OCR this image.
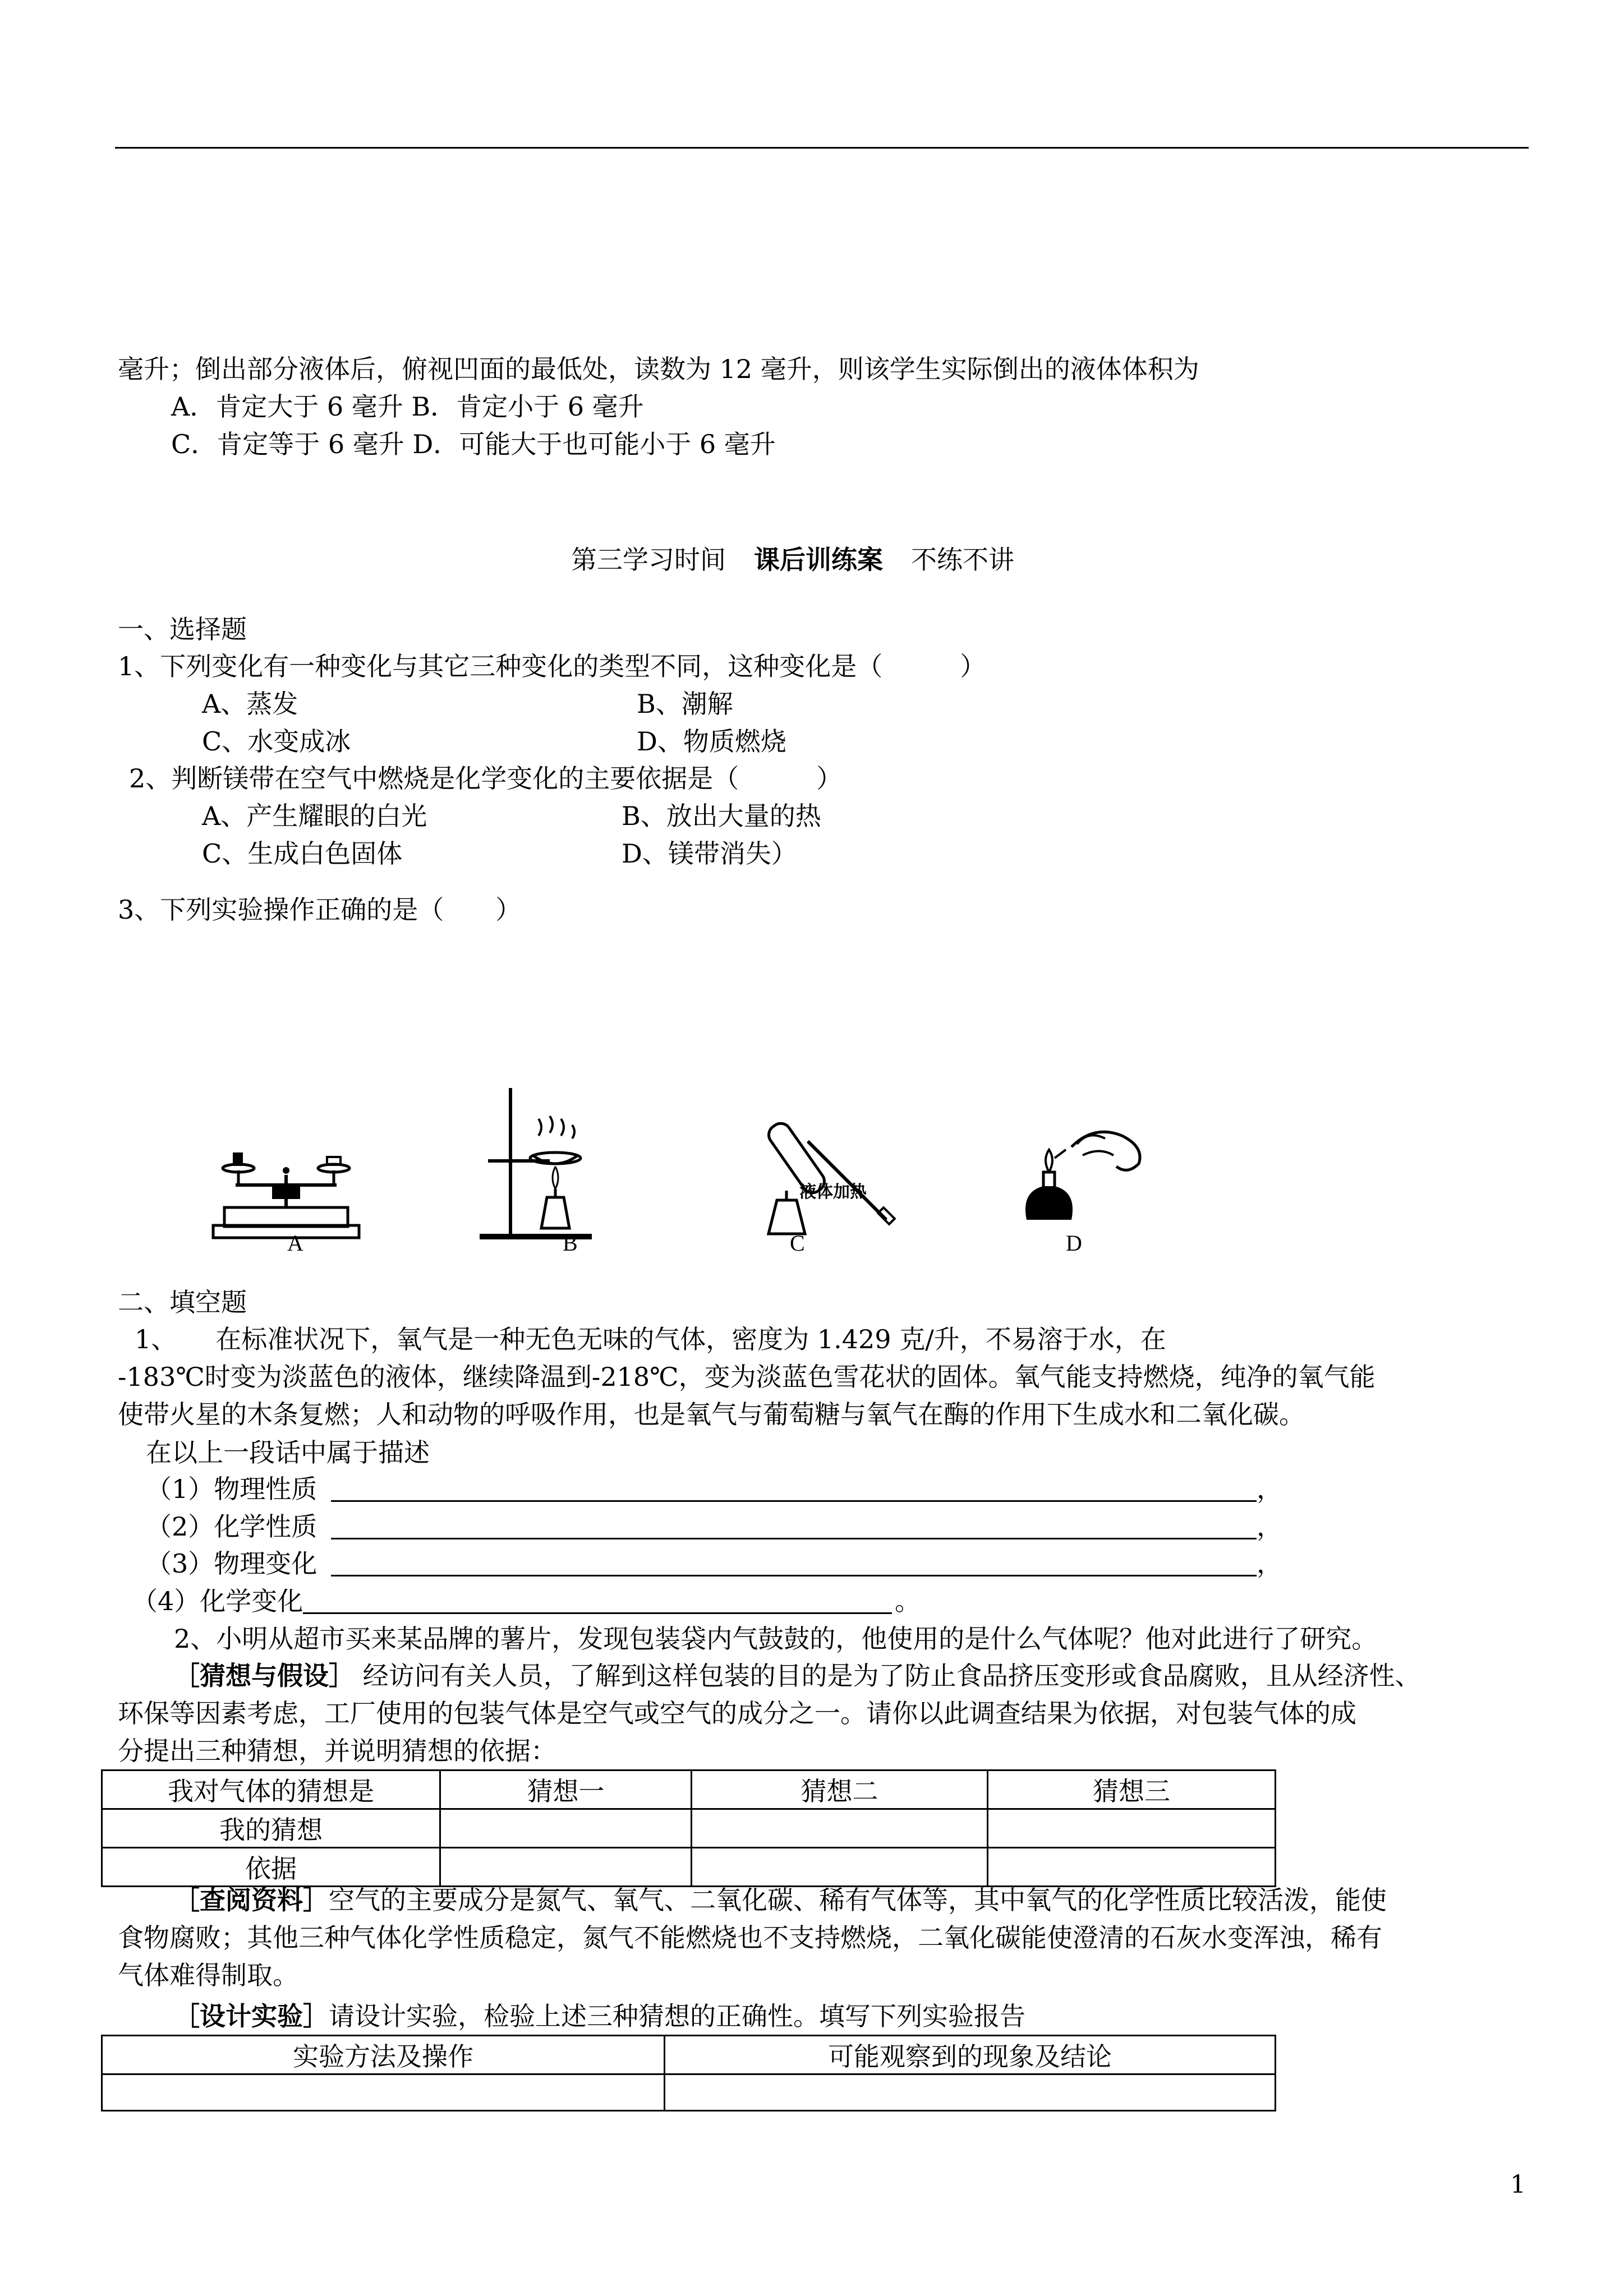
毫升；倒出部分液体后，俯视凹面的最低处，读数为 12 毫升，则该学生实际倒出的液体体积为
A．肯定大于 6 毫升 B．肯定小于 6 毫升
C．肯定等于 6 毫升 D．可能大于也可能小于 6 毫升
第三学习时间 课后训练案 不练不讲
一、选择题
1、下列变化有一种变化与其它三种变化的类型不同，这种变化是（　　　）
A、蒸发	B、潮解
C、水变成冰	D、物质燃烧
2、判断镁带在空气中燃烧是化学变化的主要依据是（　　　）
A、产生耀眼的白光	B、放出大量的热
C、生成白色固体	D、镁带消失）
3、下列实验操作正确的是（　　）
A	B
液体加热
C	D
二、填空题
1、　　在标准状况下，氧气是一种无色无味的气体，密度为 1.429 克/升，不易溶于水，在
-183℃时变为淡蓝色的液体，继续降温到-218℃，变为淡蓝色雪花状的固体。氧气能支持燃烧，纯净的氧气能
使带火星的木条复燃；人和动物的呼吸作用，也是氧气与葡萄糖与氧气在酶的作用下生成水和二氧化碳。
在以上一段话中属于描述
（1）物理性质	，
（2）化学性质	，
（3）物理变化	，
（4）化学变化	。
2、小明从超市买来某品牌的薯片，发现包装袋内气鼓鼓的，他使用的是什么气体呢？他对此进行了研究。
［猜想与假设］ 经访问有关人员，了解到这样包装的目的是为了防止食品挤压变形或食品腐败，且从经济性、
环保等因素考虑，工厂使用的包装气体是空气或空气的成分之一。请你以此调查结果为依据，对包装气体的成
分提出三种猜想，并说明猜想的依据：
我对气体的猜想是	猜想一	猜想二	猜想三
我的猜想			
依据			
［查阅资料］空气的主要成分是氮气、氧气、二氧化碳、稀有气体等，其中氧气的化学性质比较活泼，能使
食物腐败；其他三种气体化学性质稳定，氮气不能燃烧也不支持燃烧，二氧化碳能使澄清的石灰水变浑浊，稀有
气体难得制取。
［设计实验］请设计实验，检验上述三种猜想的正确性。填写下列实验报告
实验方法及操作	可能观察到的现象及结论

1
